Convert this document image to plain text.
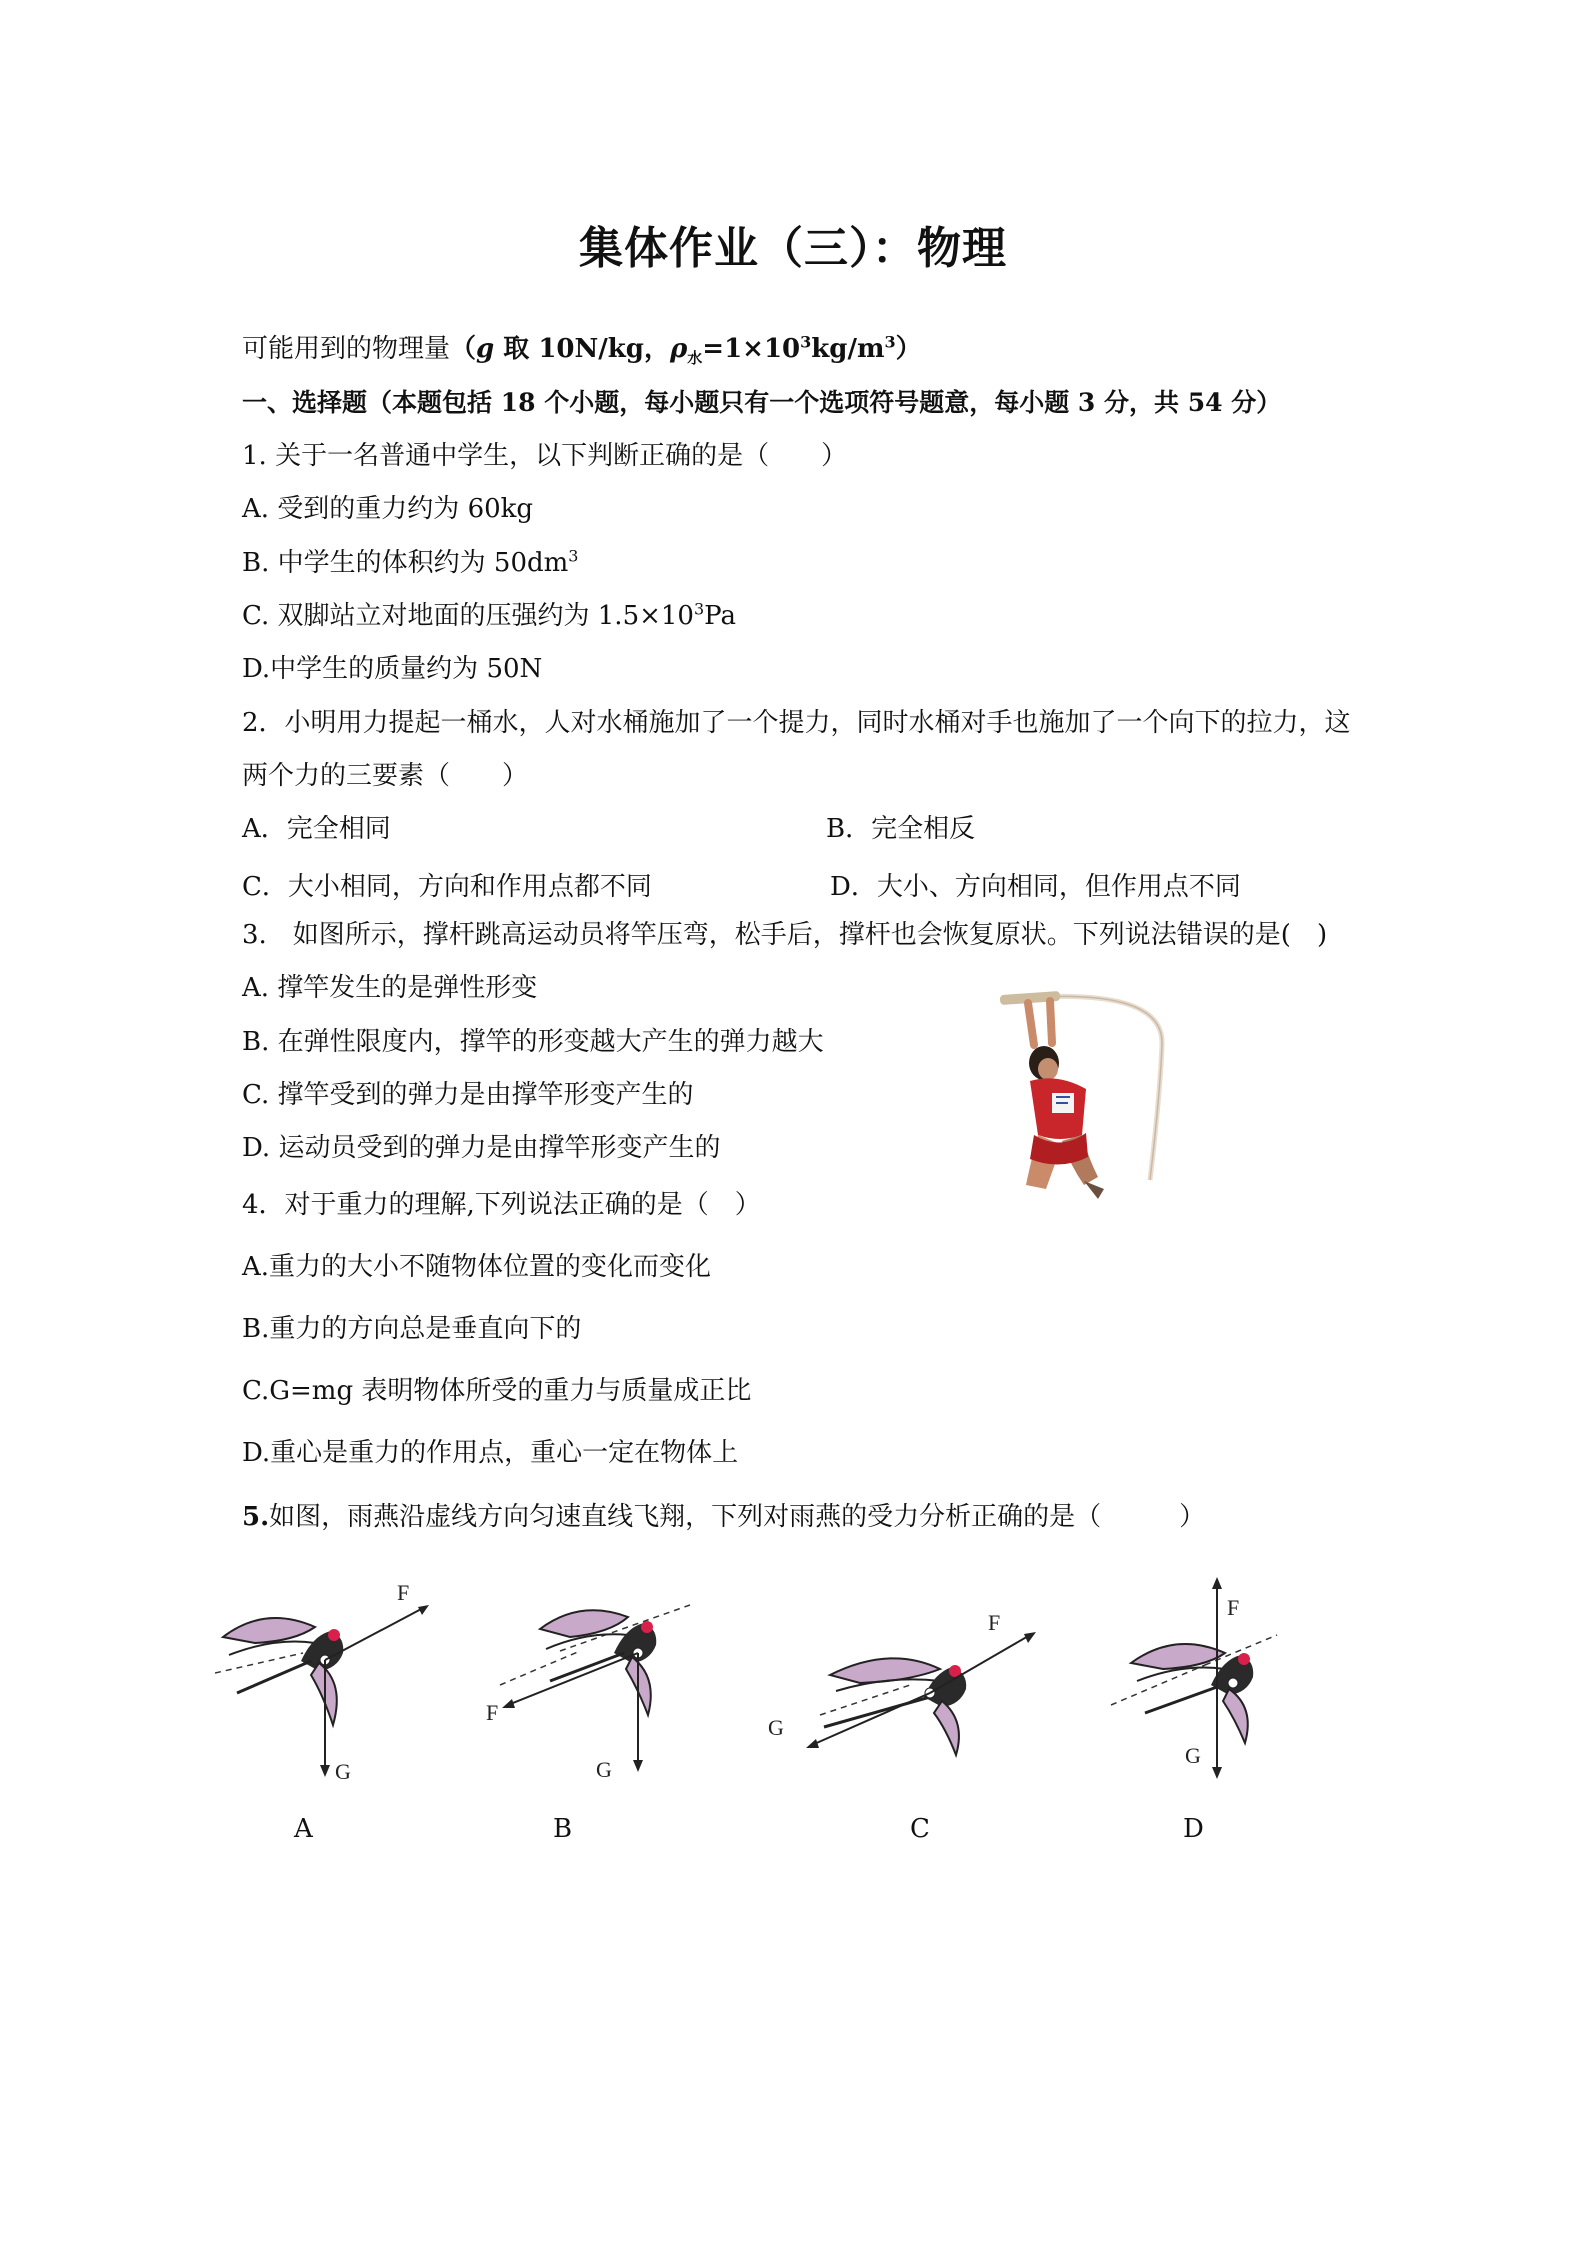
集体作业（三）：物理
可能用到的物理量（g 取 10N/kg，$\rho_水=1\times 10^3kg/m^3$）
一、选择题（本题包括 18 个小题，每小题只有一个选项符号题意，每小题 3 分，共 54 分）
1. 关于一名普通中学生，以下判断正确的是（　　）
A. 受到的重力约为 60kg
B. 中学生的体积约为 $50dm^3$
C. 双脚站立对地面的压强约为 $1.5\times 10^3Pa$
D.中学生的质量约为 50N
2．小明用力提起一桶水，人对水桶施加了一个提力，同时水桶对手也施加了一个向下的拉力，这
两个力的三要素（　　）
A．完全相同	B．完全相反
C．大小相同，方向和作用点都不同	D．大小、方向相同，但作用点不同
3.　如图所示，撑杆跳高运动员将竿压弯，松手后，撑杆也会恢复原状。下列说法错误的是(　)
A. 撑竿发生的是弹性形变
B. 在弹性限度内，撑竿的形变越大产生的弹力越大
C. 撑竿受到的弹力是由撑竿形变产生的
D. 运动员受到的弹力是由撑竿形变产生的
4．对于重力的理解,下列说法正确的是（　）
A.重力的大小不随物体位置的变化而变化
B.重力的方向总是垂直向下的
C.G=mg 表明物体所受的重力与质量成正比
D.重心是重力的作用点，重心一定在物体上
5.如图，雨燕沿虚线方向匀速直线飞翔，下列对雨燕的受力分析正确的是（　　　）
F
G
F
G
F
G
F
G
A	B	C	D
